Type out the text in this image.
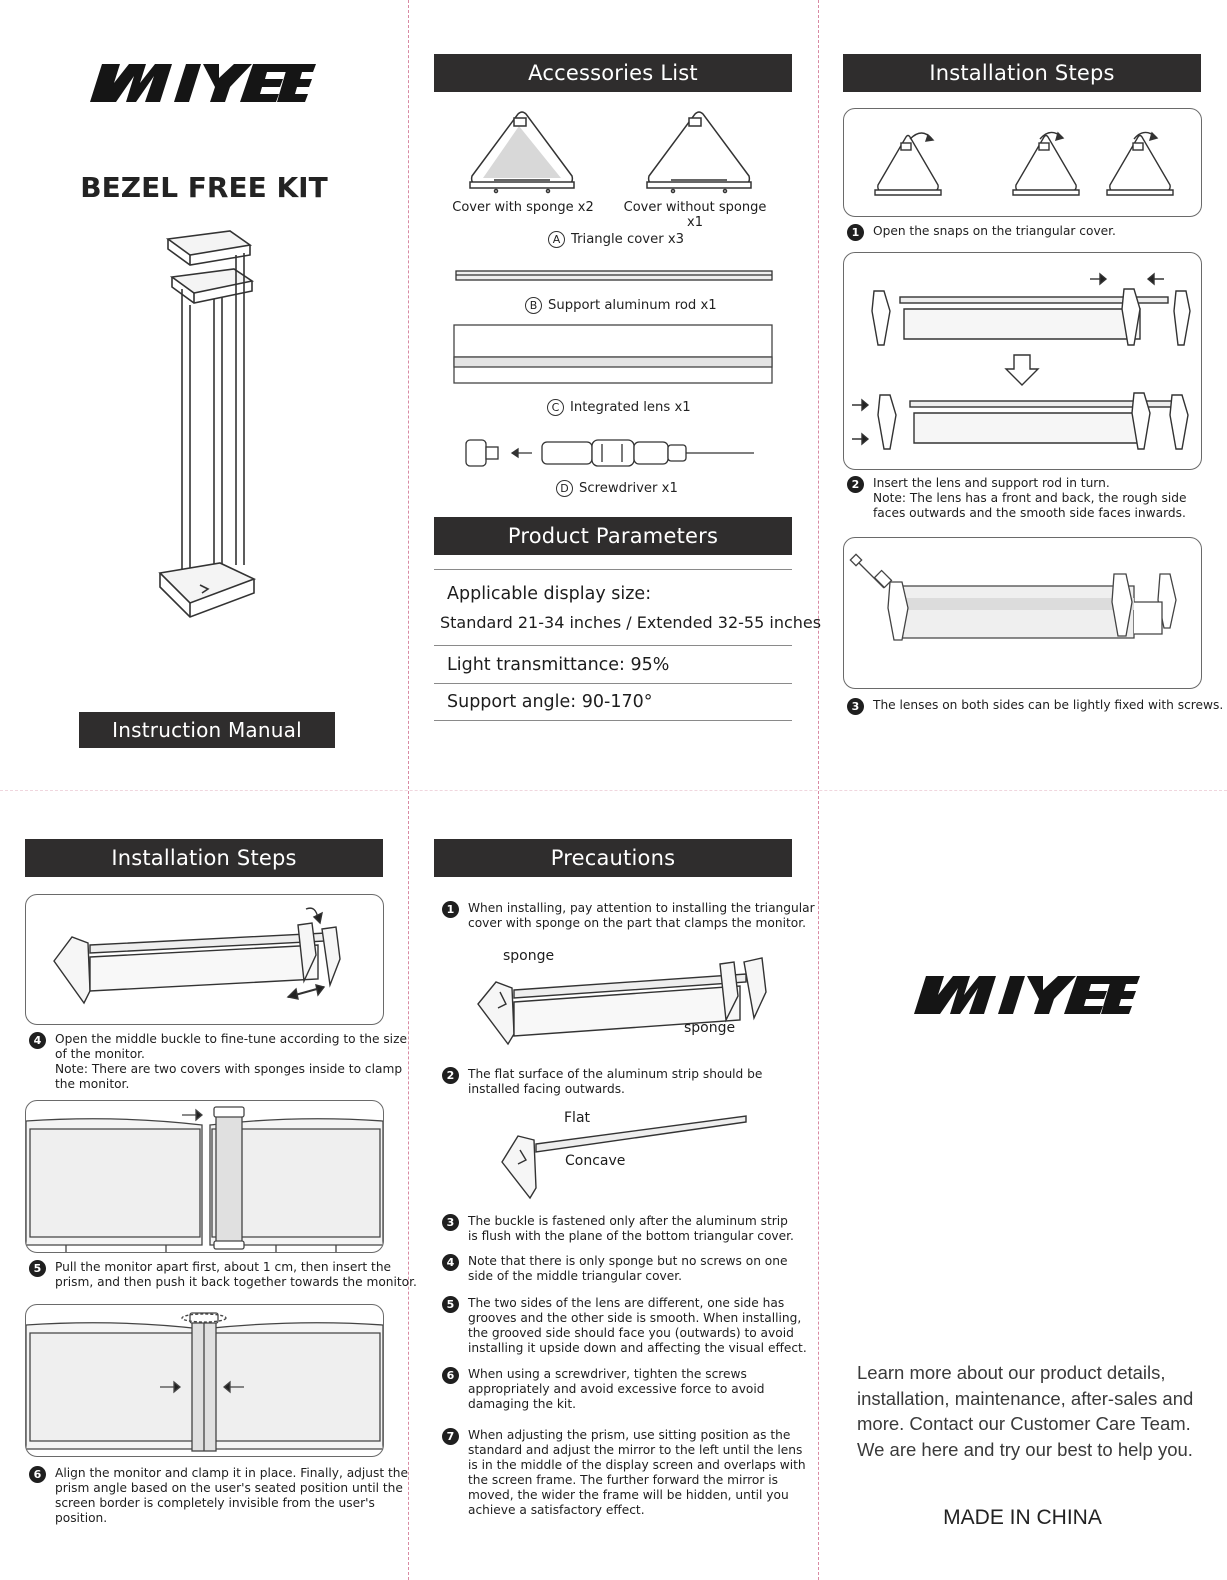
BEZEL FREE KIT
Instruction Manual
Accessories List
Cover with sponge x2	Cover without sponge x1
A Triangle cover x3
B Support aluminum rod x1
C Integrated lens x1
D Screwdriver x1
Product Parameters
Applicable display size:
Standard 21-34 inches / Extended 32-55 inches
Light transmittance: 95%
Support angle: 90-170°
Installation Steps
1	Open the snaps on the triangular cover.
2	Insert the lens and support rod in turn.
Note: The lens has a front and back, the rough side
faces outwards and the smooth side faces inwards.
3	The lenses on both sides can be lightly fixed with screws.
Installation Steps
4	Open the middle buckle to fine-tune according to the size
of the monitor.
Note: There are two covers with sponges inside to clamp
the monitor.
5	Pull the monitor apart first, about 1 cm, then insert the
prism, and then push it back together towards the monitor.
6	Align the monitor and clamp it in place. Finally, adjust the
prism angle based on the user's seated position until the
screen border is completely invisible from the user's
position.
Precautions
1	When installing, pay attention to installing the triangular
cover with sponge on the part that clamps the monitor.
sponge
sponge
2	The flat surface of the aluminum strip should be
installed facing outwards.
Flat
Concave
3	The buckle is fastened only after the aluminum strip
is flush with the plane of the bottom triangular cover.
4	Note that there is only sponge but no screws on one
side of the middle triangular cover.
5	The two sides of the lens are different, one side has
grooves and the other side is smooth. When installing,
the grooved side should face you (outwards) to avoid
installing it upside down and affecting the visual effect.
6	When using a screwdriver, tighten the screws
appropriately and avoid excessive force to avoid
damaging the kit.
7	When adjusting the prism, use sitting position as the
standard and adjust the mirror to the left until the lens
is in the middle of the display screen and overlaps with
the screen frame. The further forward the mirror is
moved, the wider the frame will be hidden, until you
achieve a satisfactory effect.
Learn more about our product details,
installation, maintenance, after-sales and
more. Contact our Customer Care Team.
We are here and try our best to help you.
MADE IN CHINA
